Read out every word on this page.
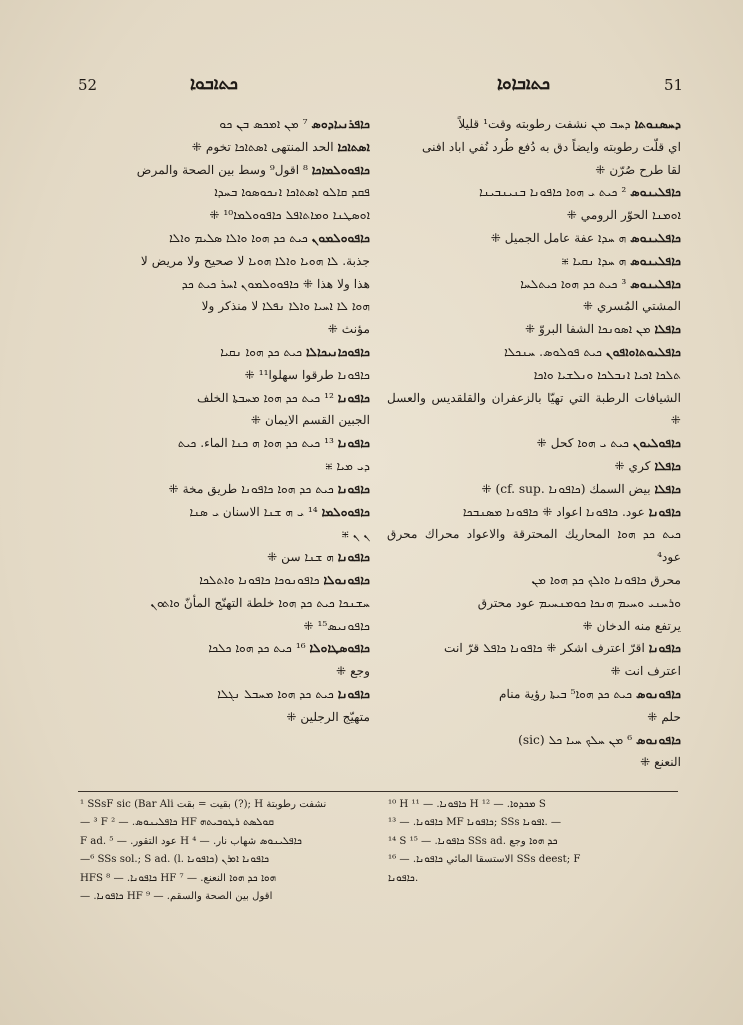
52	ܟܬܐܒܘܐ	ܟܬܐܒܐܘܐ	51

ܟܐܦܪܢܝܐܕܘܣ ⁷ ܡܢ ܐܡܟܣ ܒܢ ܟܘ

ܐܣܬܐܟܐ الحد المنتهى ܐܣܬܐܟܐ تخوم ⁜

ܟܐܦܘܘܠܡܐܟܐ ⁸ اقول⁹ وسط بين الصحة والمرض

ܦܩܕ ܩܐܠܘ ܐܣܬܐܟܐ ܐܢܟܘܣܘܐ ܒܚܕܐ

ܐܘܣܛܢܐ ܘܡܐܬܐܦܠ ܟܐܦܘܘܠܡܐ¹⁰ ⁜

ܟܐܦܘܘܠܡܘܢ ܟܝܬ ܟܕ ܗܘܐ ܘܐܠܐ ܣܠܝܡ ܘܐܠܐ

جذبة. ܠܐ ܗܘܝܐ ܘܐܠܐ ܗܘܝܐ لا صحيح ولا مريض لا

هذا ولا هذا ⁜ ܟܐܦܘܘܠܡܘܢ ܐܚܪ ܟܝܬ ܟܕ

ܗܘܐ ܠܐ ܐܚܝܐ ܘܐܠܐ ܢܦܠܐ لا منذكر ولا

مؤنث ⁜

ܟܐܦܘܟܐܢܝܟܐܠܐ ܟܝܬ ܟܕ ܗܘܐ ܢܩܝܐ

ܟܐܦܘܢܐ طرقوا سهلوا¹¹ ⁜

ܟܐܦܘܢܐ ¹² ܟܝܬ ܟܕ ܗܘܐ ܡܚܒܬܐ الخلف

الجبين القسم الايمان ⁜

ܟܐܦܘܢܐ ¹³ ܟܝܬ ܟܕ ܗܘܐ ܗ ܟܢܐ الماء. ܟܝܬ

ܕܝ ܡܝܐ ⁜

ܟܐܦܘܢܐ ܟܝܬ ܟܕ ܗܘܐ ܟܐܦܘܢܐ طريق مخة ⁜

ܟܐܦܘܘܠܡܐ ¹⁴ ܝ ܗ ܫܢܐ الاسنان ܝ ܣܢܐ

ܢ ܢ ⁜

ܟܐܦܘܢܐ ܗ ܫܢܐ سن ⁜

ܟܐܦܘܢܘܠܐ ܟܐܦܘܢܘܟܐ ܟܐܦܘܢܐ ܘܐܬܠܟܐ

ܚܫܢܟܐ ܟܝܬ ܟܕ ܗܘܐ خلطة التهنّج المأنّ ܘܐܬܘܢ

ܟܐܦܘܢܝܣ¹⁵ ⁜

ܟܐܦܘܣܛܐܘܠܐ ¹⁶ ܟܝܬ ܟܕ ܗܘܐ ܟܠܟܐ

وجع ⁜

ܟܐܦܘܢܐ ܟܝܬ ܟܕ ܗܘܐ ܡܚܒܠ ܢܓܠܐ

متهيّج الرجلين ⁜

ܕܚܣܢܘܬܐ ܕܚܒ ܡܢ نشفت رطوبته وقت¹ قليلاً

اي قلّت رطوبته وايضاً دق به دُفع طُرد نُفي اباد افنى

لقا طرح صُرّن ⁜

ܟܐܦܠܝܢܘܣ ² ܟܝܬ ܝ ܗܘܐ ܟܐܦܘܢܐ ܒܢܝܢܒܝܢܐ

ܐܘܡܢܐ الحوّر الرومي ⁜

ܟܐܦܠܝܢܘܣ ܗ ܚܕܐ عفة عامل الجميل ⁜

ܟܐܦܠܝܢܘܣ ܗ ܚܕܐ ܢܩܝܐ ⁜

ܟܐܦܠܝܢܘܣ ³ ܟܝܬ ܟܕ ܗܘܐ ܟܝܬܠܚܐ

المشتي المُسري ⁜

ܟܐܦܠܐ ܡܢ ܐܣܘܢܟܐ الشفا البروّ ⁜

ܟܐܦܠܝܘܬܐܘܐܦܘܢ ܟܝܬ ܦܘܠܘܣ. ܚܢܟܠܐ

ܬܠܟܐ ܐܟܝܐ ܐܢܒܠܟܐ ܘܢܠܫܝܐ ܘܐܟܐ

الشيافات الرطبة التي تهيّا بالزعفران والقلقديس والعسل ⁜

ܟܐܦܘܠܝܘܢ ܟܝܬ ܝ ܗܘܐ كحل ⁜

ܟܐܦܠܐ كري ⁜

ܟܐܦܠܐ بيض السمك (ܟܐܦܘܢܐ .cf. sup) ⁜

ܟܐܦܘܢܐ عود. ܟܐܦܘܢܐ اعواد ⁜ ܟܐܦܘܢܐ ܡܣܢܒܟܐ

ܟܝܬ ܟܕ ܗܘܐ المحاريك المحترقة والاعواد محراك محرق عود⁴

محرق ܟܐܦܘܢܐ ܘܐܠܟ ܟܕ ܗܘܐ ܡܢ

ܘܪܚܢܝ ܘܚܝܡ ܗܢܟܐ ܟܘܡܢܚܝܡ عود محترق

يرتفع منه الدخان ⁜

ܟܐܦܘܢܐ اقرّ اعترف اشكر ⁜ ܟܐܦܘܢܐ ܟܐܦܠ قرّ انت

اعترف انت ⁜

ܟܐܦܘܢܘܣ ܟܝܬ ܟܕ ܗܘܐ⁵ ܒܝܬܐ رؤية منام

حلم ⁜

ܟܐܦܘܢܘܣ ⁶ ܡܢ ܚܠܟ ܚܝܐ ܟܠ (sic)

النعنع ⁜

¹ SSsF sic (Bar Ali بقيت = بقت (?); H نشفت رطوبتة

— ³ F ܟܐܦܠܝܢܘܣ. — ² HF ܩܘܠܣܬ ܪܛܘܒܝܬܗ

F ad. ⁵ — .عود التقور H ⁴ — .ܟܐܦܠܝܢܘܣ شهاب نار

—⁶ SSs sol.; S ad. (l. ܟܐܦܘܢܐ) ܟܐܦܘܢܐ ܐܘܪܢ

HFS ⁸ — .ܟܐܦܘܢܐ HF ⁷ — .ܗܘܐ ܟܕ ܗܘܐ النعنع

— .ܟܐܦܘܢܐ HF ⁹ — .اقول بين الصحة والسقم

¹⁰ H ܟܐܦܘܢܐ. — ¹¹ H ܡܟܕܘܐ. — ¹² S

ܟܐܦܘܢܐ. — ¹³ MF ܟܐܦܘܢܐ; SSs ܐܦܘܢܐ. —

¹⁴ S ܟܐܦܘܢܐ. — ¹⁵ SSs ad. ܟܕ ܗܘܐ وجع

الاستسقا المائي ܟܐܦܘܢܐ. — ¹⁶ SSs deest; F

ܟܐܦܘܢܐ.
